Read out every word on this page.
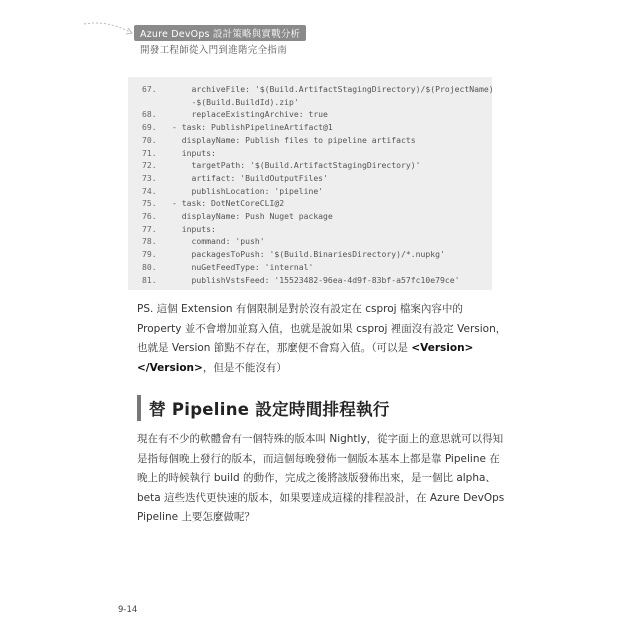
Azure DevOps 設計策略與實戰分析
開發工程師從入門到進階完全指南
67.    archiveFile: '$(Build.ArtifactStagingDirectory)/$(ProjectName)
-$(Build.BuildId).zip'
68.    replaceExistingArchive: true
69. - task: PublishPipelineArtifact@1
70.  displayName: Publish files to pipeline artifacts
71.  inputs:
72.    targetPath: '$(Build.ArtifactStagingDirectory)'
73.    artifact: 'BuildOutputFiles'
74.    publishLocation: 'pipeline'
75. - task: DotNetCoreCLI@2
76.  displayName: Push Nuget package
77.  inputs:
78.    command: 'push'
79.    packagesToPush: '$(Build.BinariesDirectory)/*.nupkg'
80.    nuGetFeedType: 'internal'
81.    publishVstsFeed: '15523482-96ea-4d9f-83bf-a57fc10e79ce'

PS. 這個 Extension 有個限制是對於沒有設定在 csproj 檔案內容中的 Property 並不會增加並寫入值，也就是說如果 csproj 裡面沒有設定 Version，也就是 Version 節點不存在，那麼便不會寫入值。（可以是 <Version></Version>，但是不能沒有）

替 Pipeline 設定時間排程執行

現在有不少的軟體會有一個特殊的版本叫 Nightly，從字面上的意思就可以得知是指每個晚上發行的版本，而這個每晚發佈一個版本基本上都是靠 Pipeline 在晚上的時候執行 build 的動作，完成之後將該版發佈出來，是一個比 alpha、beta 這些迭代更快速的版本，如果要達成這樣的排程設計，在 Azure DevOps Pipeline 上要怎麼做呢？

9-14
